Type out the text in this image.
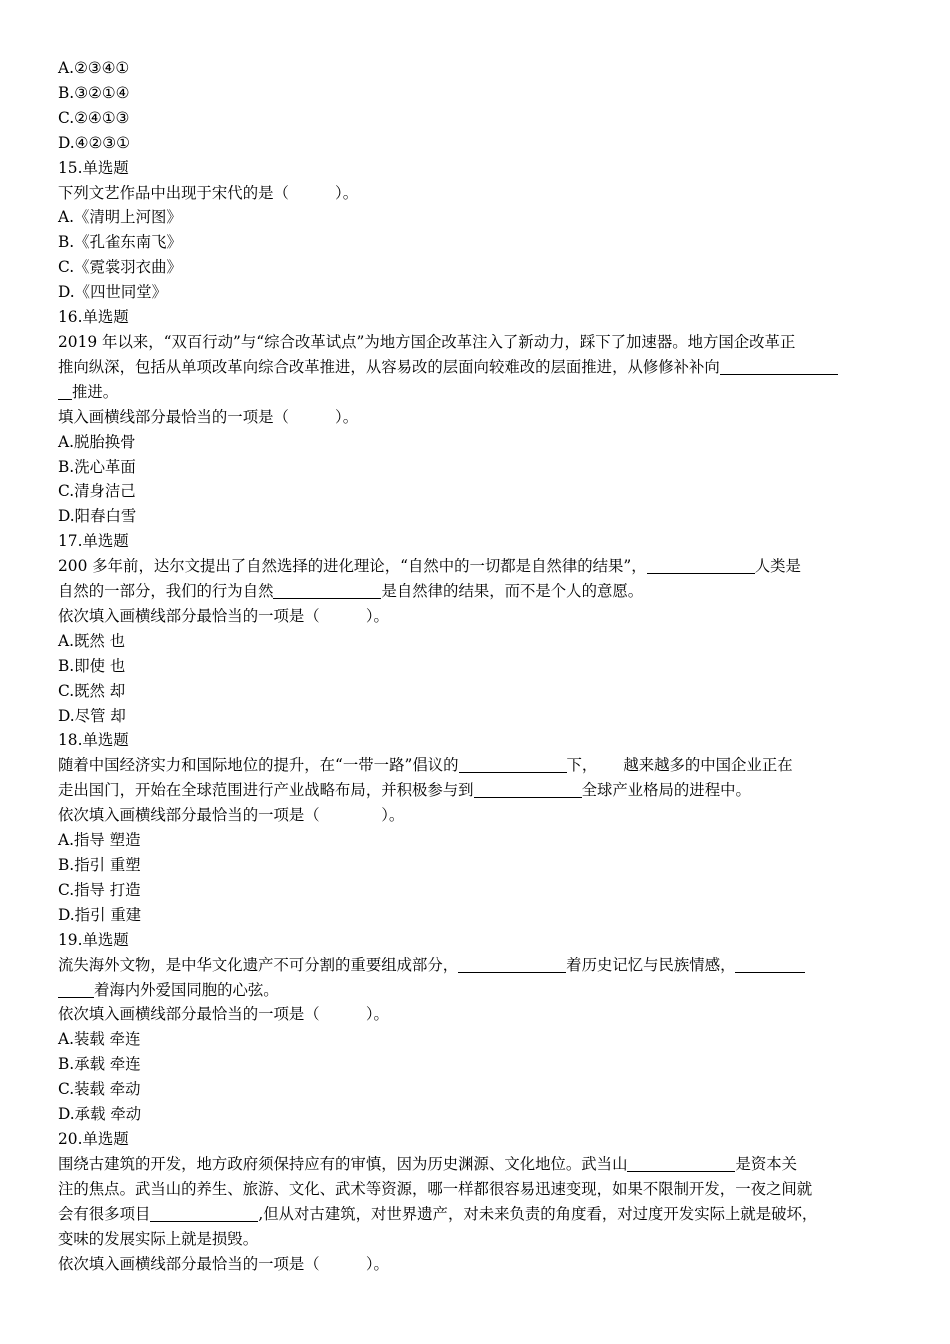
A.②③④①
B.③②①④
C.②④①③
D.④②③①
15.单选题
下列文艺作品中出现于宋代的是（　　　）。
A.《清明上河图》
B.《孔雀东南飞》
C.《霓裳羽衣曲》
D.《四世同堂》
16.单选题
2019 年以来，“双百行动”与“综合改革试点”为地方国企改革注入了新动力，踩下了加速器。地方国企改革正
推向纵深，包括从单项改革向综合改革推进，从容易改的层面向较难改的层面推进，从修修补补向
推进。
填入画横线部分最恰当的一项是（　　　）。
A.脱胎换骨
B.洗心革面
C.清身洁己
D.阳春白雪
17.单选题
200 多年前，达尔文提出了自然选择的进化理论，“自然中的一切都是自然律的结果”，	人类是
自然的一部分，我们的行为自然	是自然律的结果，而不是个人的意愿。
依次填入画横线部分最恰当的一项是（　　　）。
A.既然 也
B.即使 也
C.既然 却
D.尽管 却
18.单选题
随着中国经济实力和国际地位的提升，在“一带一路”倡议的	下， 越来越多的中国企业正在
走出国门，开始在全球范围进行产业战略布局，并积极参与到	全球产业格局的进程中。
依次填入画横线部分最恰当的一项是（　　　　）。
A.指导 塑造
B.指引 重塑
C.指导 打造
D.指引 重建
19.单选题
流失海外文物，是中华文化遗产不可分割的重要组成部分，	着历史记忆与民族情感，
着海内外爱国同胞的心弦。
依次填入画横线部分最恰当的一项是（　　　）。
A.装载 牵连
B.承载 牵连
C.装载 牵动
D.承载 牵动
20.单选题
围绕古建筑的开发，地方政府须保持应有的审慎，因为历史渊源、文化地位。武当山	是资本关
注的焦点。武当山的养生、旅游、文化、武术等资源，哪一样都很容易迅速变现，如果不限制开发，一夜之间就
会有很多项目	,但从对古建筑，对世界遗产，对未来负责的角度看，对过度开发实际上就是破坏，
变味的发展实际上就是损毁。
依次填入画横线部分最恰当的一项是（　　　）。
